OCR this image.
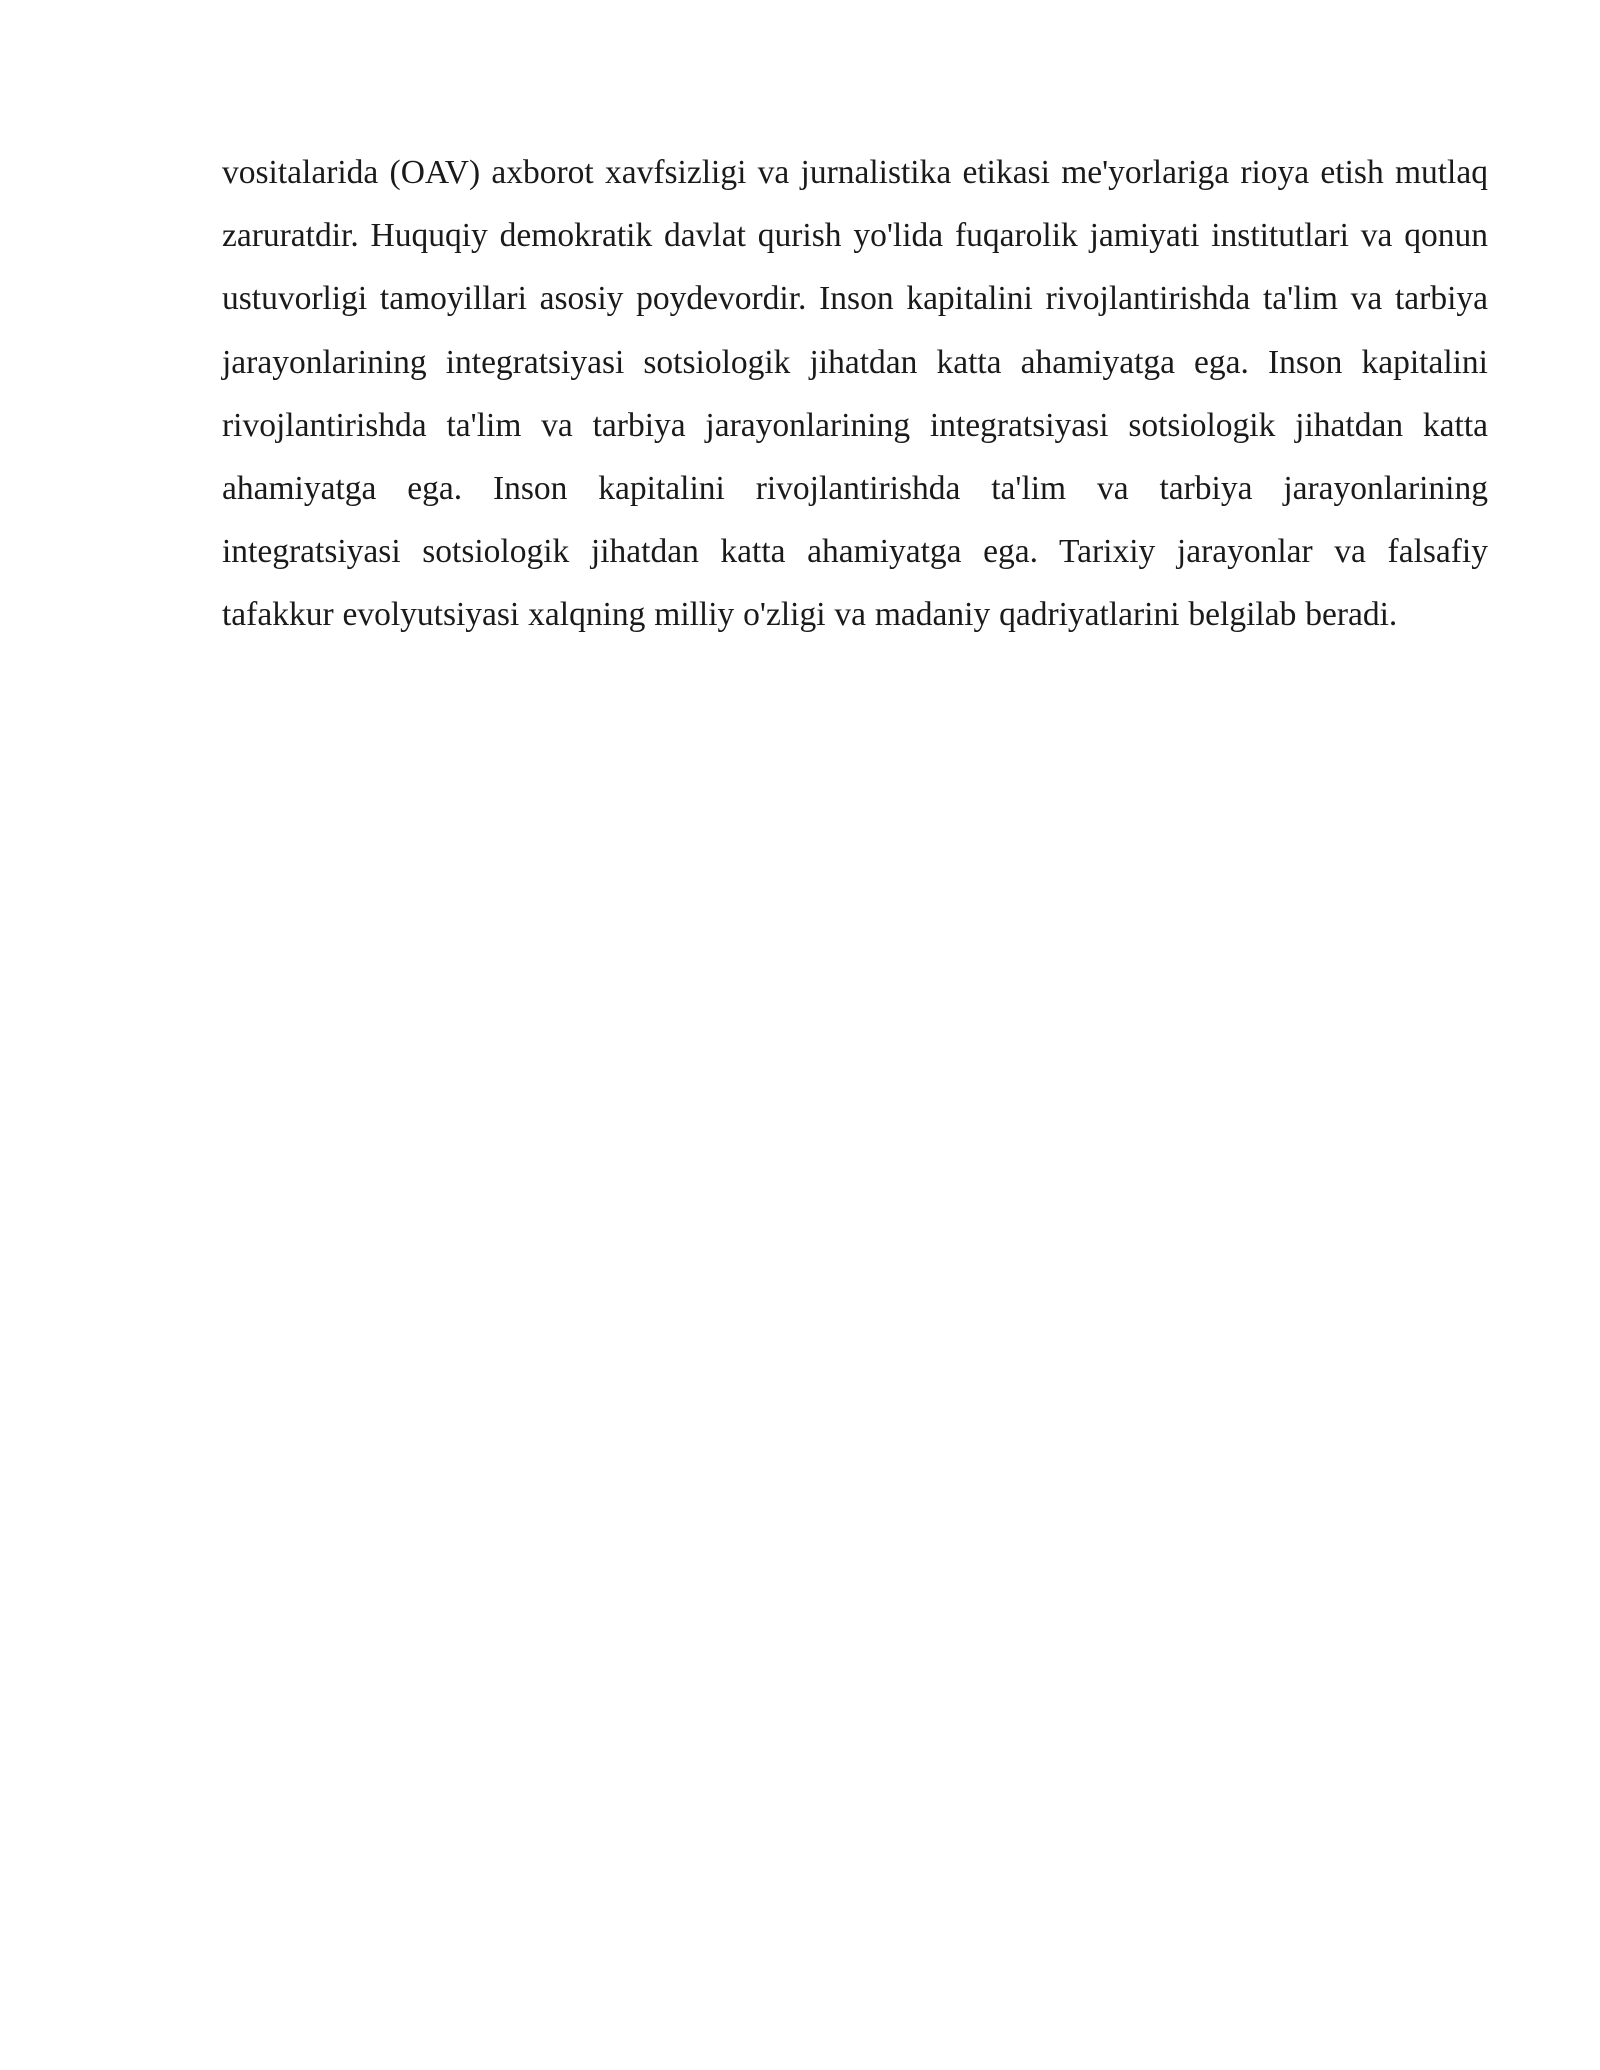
vositalarida (OAV) axborot xavfsizligi va jurnalistika etikasi me'yorlariga rioya etish mutlaq zaruratdir. Huquqiy demokratik davlat qurish yo'lida fuqarolik jamiyati institutlari va qonun ustuvorligi tamoyillari asosiy poydevordir. Inson kapitalini rivojlantirishda ta'lim va tarbiya jarayonlarining integratsiyasi sotsiologik jihatdan katta ahamiyatga ega. Inson kapitalini rivojlantirishda ta'lim va tarbiya jarayonlarining integratsiyasi sotsiologik jihatdan katta ahamiyatga ega. Inson kapitalini rivojlantirishda ta'lim va tarbiya jarayonlarining integratsiyasi sotsiologik jihatdan katta ahamiyatga ega. Tarixiy jarayonlar va falsafiy tafakkur evolyutsiyasi xalqning milliy o'zligi va madaniy qadriyatlarini belgilab beradi.
